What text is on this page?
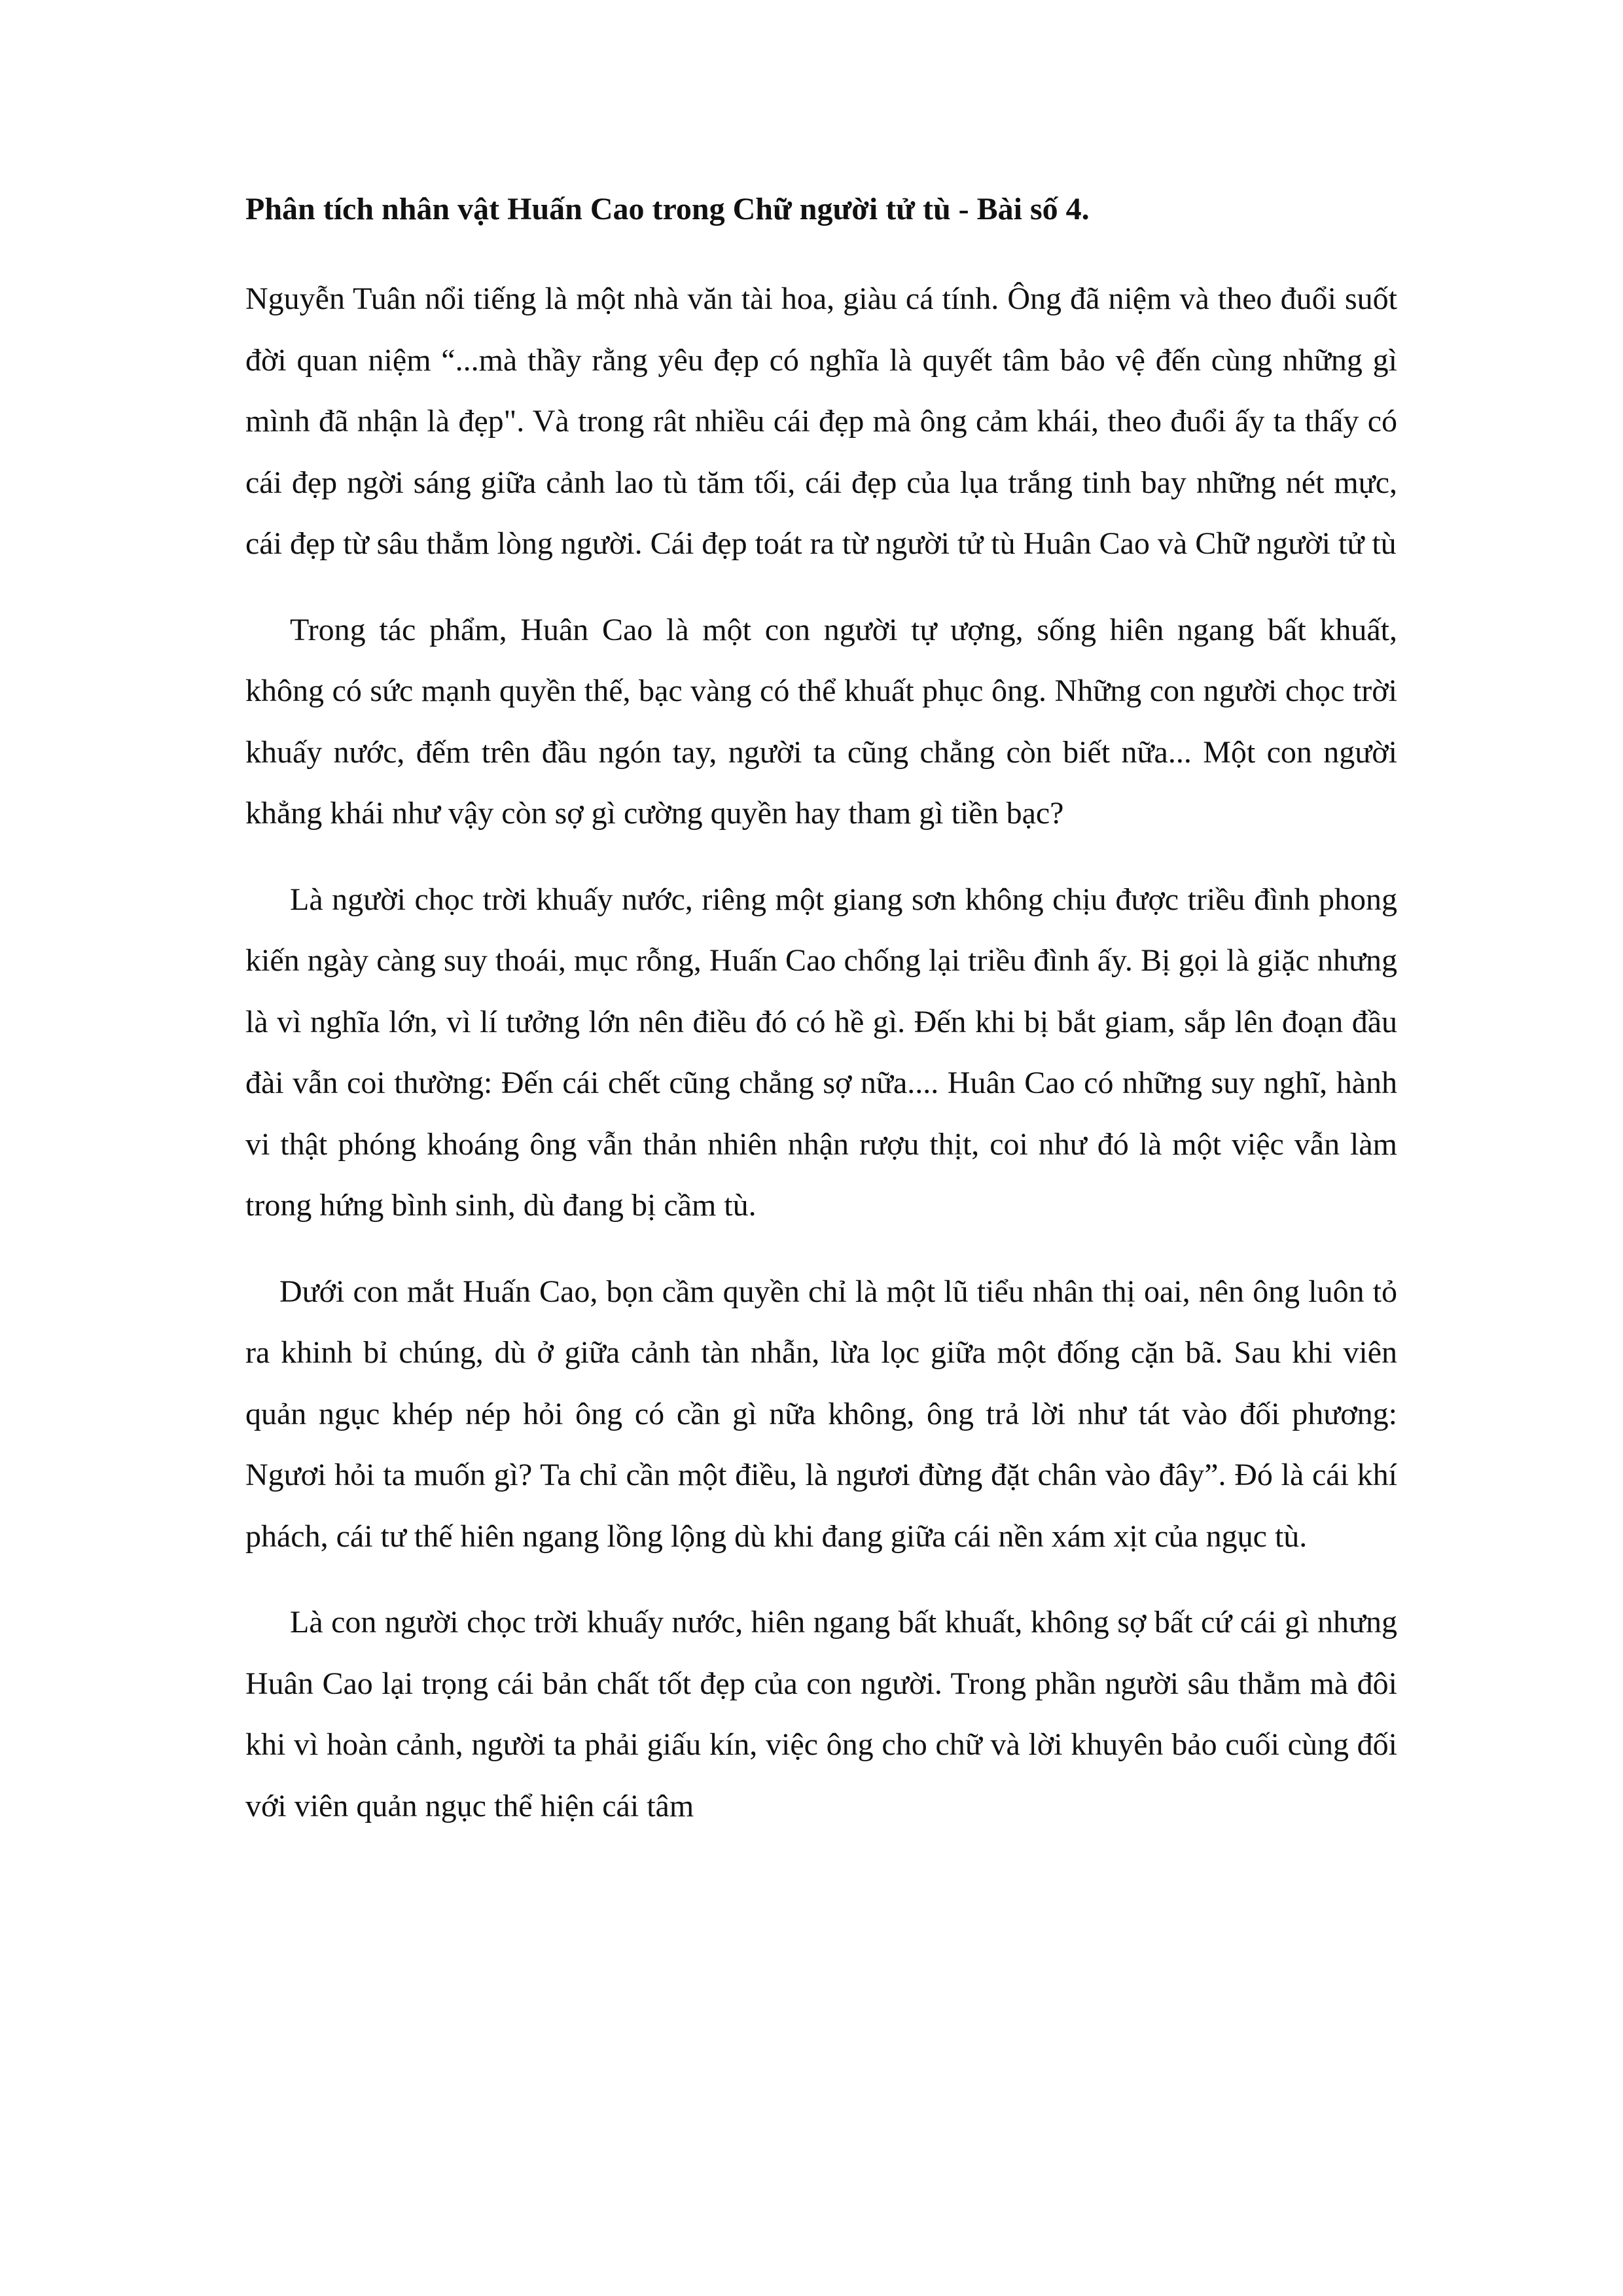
Phân tích nhân vật Huấn Cao trong Chữ người tử tù - Bài số 4.

Nguyễn Tuân nổi tiếng là một nhà văn tài hoa, giàu cá tính. Ông đã niệm và theo đuổi suốt đời quan niệm “...mà thầy rằng yêu đẹp có nghĩa là quyết tâm bảo vệ đến cùng những gì mình đã nhận là đẹp". Và trong rât nhiều cái đẹp mà ông cảm khái, theo đuổi ấy ta thấy có cái đẹp ngời sáng giữa cảnh lao tù tăm tối, cái đẹp của lụa trắng tinh bay những nét mực, cái đẹp từ sâu thẳm lòng người. Cái đẹp toát ra từ người tử tù Huân Cao và Chữ người tử tù

Trong tác phẩm, Huân Cao là một con người tự ượng, sống hiên ngang bất khuất, không có sức mạnh quyền thế, bạc vàng có thể khuất phục ông. Những con người chọc trời khuấy nước, đếm trên đầu ngón tay, người ta cũng chẳng còn biết nữa... Một con người khẳng khái như vậy còn sợ gì cường quyền hay tham gì tiền bạc?

Là người chọc trời khuấy nước, riêng một giang sơn không chịu được triều đình phong kiến ngày càng suy thoái, mục rỗng, Huấn Cao chống lại triều đình ấy. Bị gọi là giặc nhưng là vì nghĩa lớn, vì lí tưởng lớn nên điều đó có hề gì. Đến khi bị bắt giam, sắp lên đoạn đầu đài vẫn coi thường: Đến cái chết cũng chẳng sợ nữa.... Huân Cao có những suy nghĩ, hành vi thật phóng khoáng ông vẫn thản nhiên nhận rượu thịt, coi như đó là một việc vẫn làm trong hứng bình sinh, dù đang bị cầm tù.

Dưới con mắt Huấn Cao, bọn cầm quyền chỉ là một lũ tiểu nhân thị oai, nên ông luôn tỏ ra khinh bỉ chúng, dù ở giữa cảnh tàn nhẫn, lừa lọc giữa một đống cặn bã. Sau khi viên quản ngục khép nép hỏi ông có cần gì nữa không, ông trả lời như tát vào đối phương: Ngươi hỏi ta muốn gì? Ta chỉ cần một điều, là ngươi đừng đặt chân vào đây”. Đó là cái khí phách, cái tư thế hiên ngang lồng lộng dù khi đang giữa cái nền xám xịt của ngục tù.

Là con người chọc trời khuấy nước, hiên ngang bất khuất, không sợ bất cứ cái gì nhưng Huân Cao lại trọng cái bản chất tốt đẹp của con người. Trong phần người sâu thẳm mà đôi khi vì hoàn cảnh, người ta phải giấu kín, việc ông cho chữ và lời khuyên bảo cuối cùng đối với viên quản ngục thể hiện cái tâm
